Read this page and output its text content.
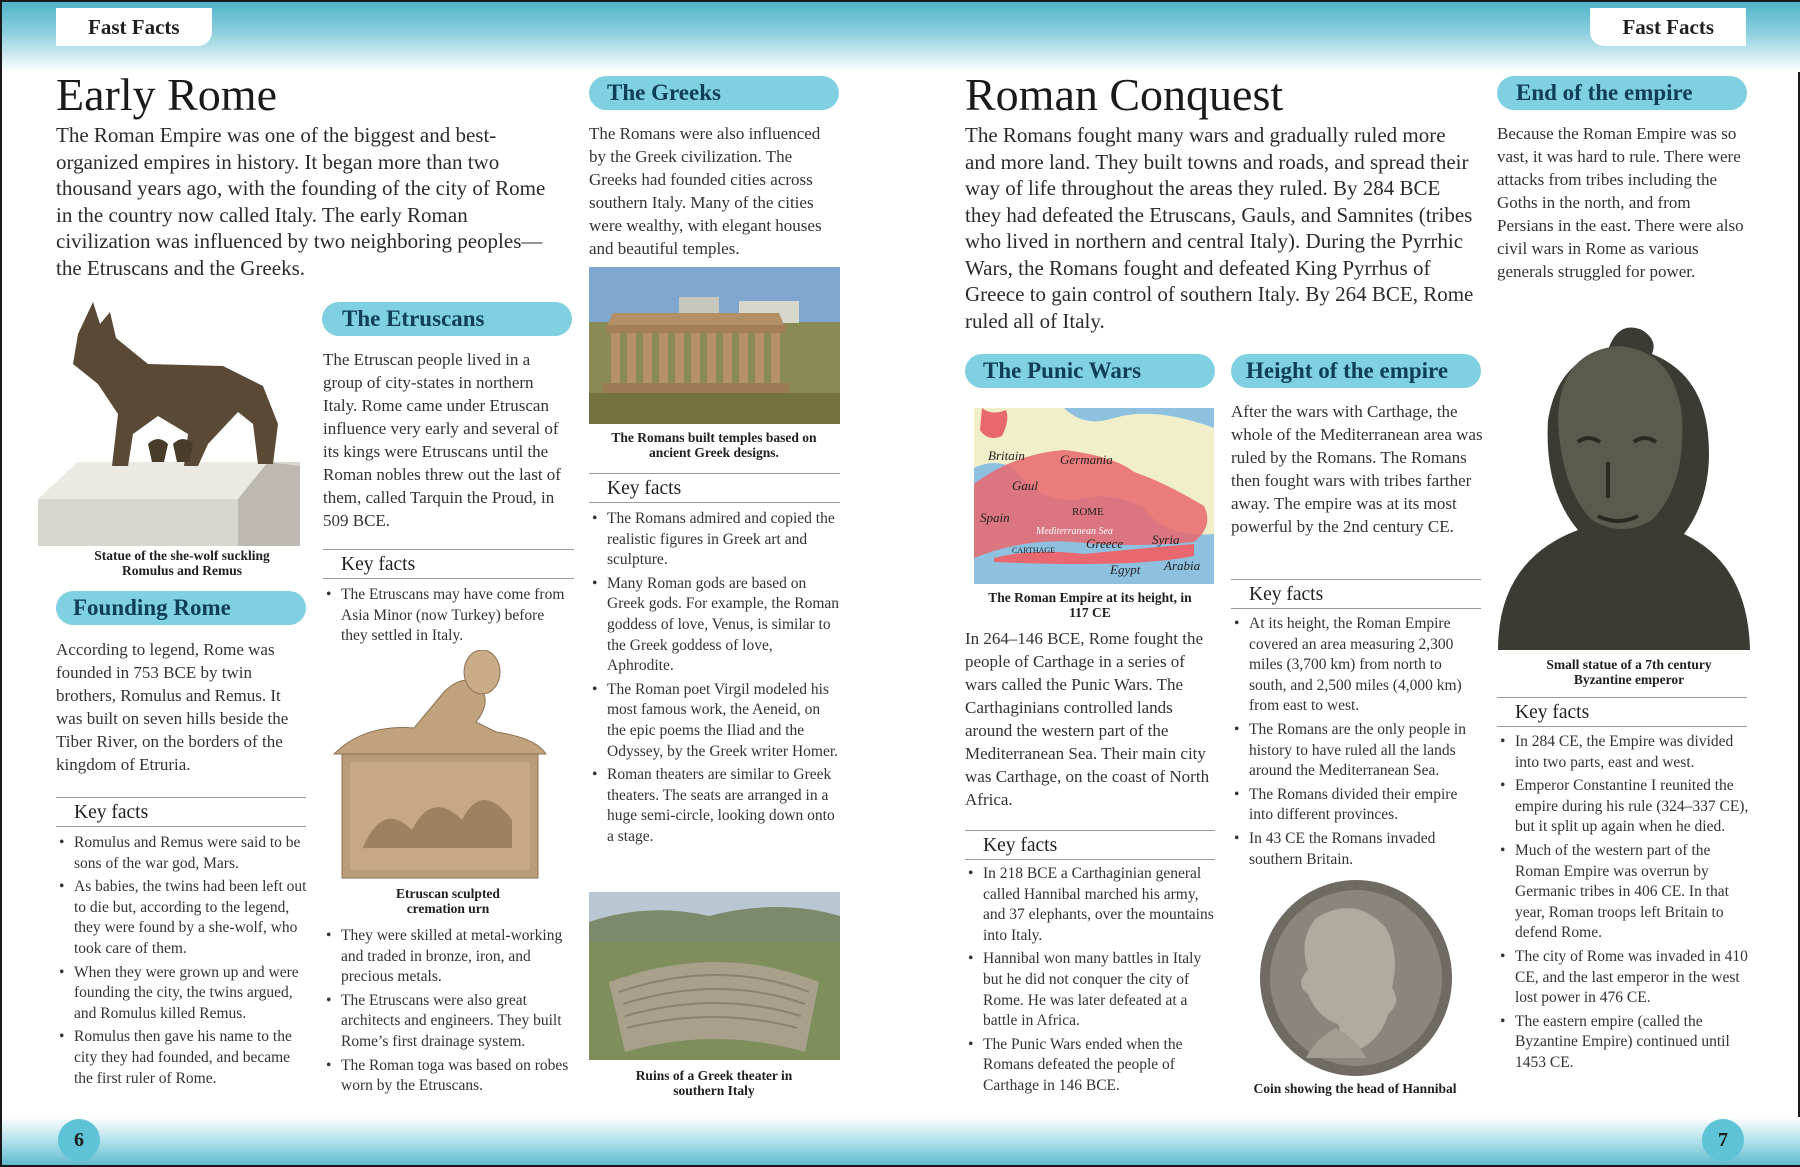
Fast Facts	Fast Facts
6	7
Early Rome
The Roman Empire was one of the biggest and best-organized empires in history. It began more than two thousand years ago, with the founding of the city of Rome in the country now called Italy. The early Roman civilization was influenced by two neighboring peoples—the Etruscans and the Greeks.
Statue of the she-wolf suckling Romulus and Remus
Founding Rome
According to legend, Rome was founded in 753 BCE by twin brothers, Romulus and Remus. It was built on seven hills beside the Tiber River, on the borders of the kingdom of Etruria.
Key facts
• Romulus and Remus were said to be sons of the war god, Mars.
• As babies, the twins had been left out to die but, according to the legend, they were found by a she-wolf, who took care of them.
• When they were grown up and were founding the city, the twins argued, and Romulus killed Remus.
• Romulus then gave his name to the city they had founded, and became the first ruler of Rome.
The Etruscans
The Etruscan people lived in a group of city-states in northern Italy. Rome came under Etruscan influence very early and several of its kings were Etruscans until the Roman nobles threw out the last of them, called Tarquin the Proud, in 509 BCE.
Key facts
• The Etruscans may have come from Asia Minor (now Turkey) before they settled in Italy.
Etruscan sculpted cremation urn
• They were skilled at metal-working and traded in bronze, iron, and precious metals.
• The Etruscans were also great architects and engineers. They built Rome’s first drainage system.
• The Roman toga was based on robes worn by the Etruscans.
The Greeks
The Romans were also influenced by the Greek civilization. The Greeks had founded cities across southern Italy. Many of the cities were wealthy, with elegant houses and beautiful temples.
The Romans built temples based on ancient Greek designs.
Key facts
• The Romans admired and copied the realistic figures in Greek art and sculpture.
• Many Roman gods are based on Greek gods. For example, the Roman goddess of love, Venus, is similar to the Greek goddess of love, Aphrodite.
• The Roman poet Virgil modeled his most famous work, the Aeneid, on the epic poems the Iliad and the Odyssey, by the Greek writer Homer.
• Roman theaters are similar to Greek theaters. The seats are arranged in a huge semi-circle, looking down onto a stage.
Ruins of a Greek theater in southern Italy
Roman Conquest
The Romans fought many wars and gradually ruled more and more land. They built towns and roads, and spread their way of life throughout the areas they ruled. By 284 BCE they had defeated the Etruscans, Gauls, and Samnites (tribes who lived in northern and central Italy). During the Pyrrhic Wars, the Romans fought and defeated King Pyrrhus of Greece to gain control of southern Italy. By 264 BCE, Rome ruled all of Italy.
The Punic Wars
Britain	Germania
Gaul
Spain	ROME
Greece Syria
Egypt Arabia
CARTHAGE
Mediterranean Sea
The Roman Empire at its height, in 117 CE
In 264–146 BCE, Rome fought the people of Carthage in a series of wars called the Punic Wars. The Carthaginians controlled lands around the western part of the Mediterranean Sea. Their main city was Carthage, on the coast of North Africa.
Key facts
• In 218 BCE a Carthaginian general called Hannibal marched his army, and 37 elephants, over the mountains into Italy.
• Hannibal won many battles in Italy but he did not conquer the city of Rome. He was later defeated at a battle in Africa.
• The Punic Wars ended when the Romans defeated the people of Carthage in 146 BCE.
Height of the empire
After the wars with Carthage, the whole of the Mediterranean area was ruled by the Romans. The Romans then fought wars with tribes farther away. The empire was at its most powerful by the 2nd century CE.
Key facts
• At its height, the Roman Empire covered an area measuring 2,300 miles (3,700 km) from north to south, and 2,500 miles (4,000 km) from east to west.
• The Romans are the only people in history to have ruled all the lands around the Mediterranean Sea.
• The Romans divided their empire into different provinces.
• In 43 CE the Romans invaded southern Britain.
Coin showing the head of Hannibal
End of the empire
Because the Roman Empire was so vast, it was hard to rule. There were attacks from tribes including the Goths in the north, and from Persians in the east. There were also civil wars in Rome as various generals struggled for power.
Small statue of a 7th century Byzantine emperor
Key facts
• In 284 CE, the Empire was divided into two parts, east and west.
• Emperor Constantine I reunited the empire during his rule (324–337 CE), but it split up again when he died.
• Much of the western part of the Roman Empire was overrun by Germanic tribes in 406 CE. In that year, Roman troops left Britain to defend Rome.
• The city of Rome was invaded in 410 CE, and the last emperor in the west lost power in 476 CE.
• The eastern empire (called the Byzantine Empire) continued until 1453 CE.
